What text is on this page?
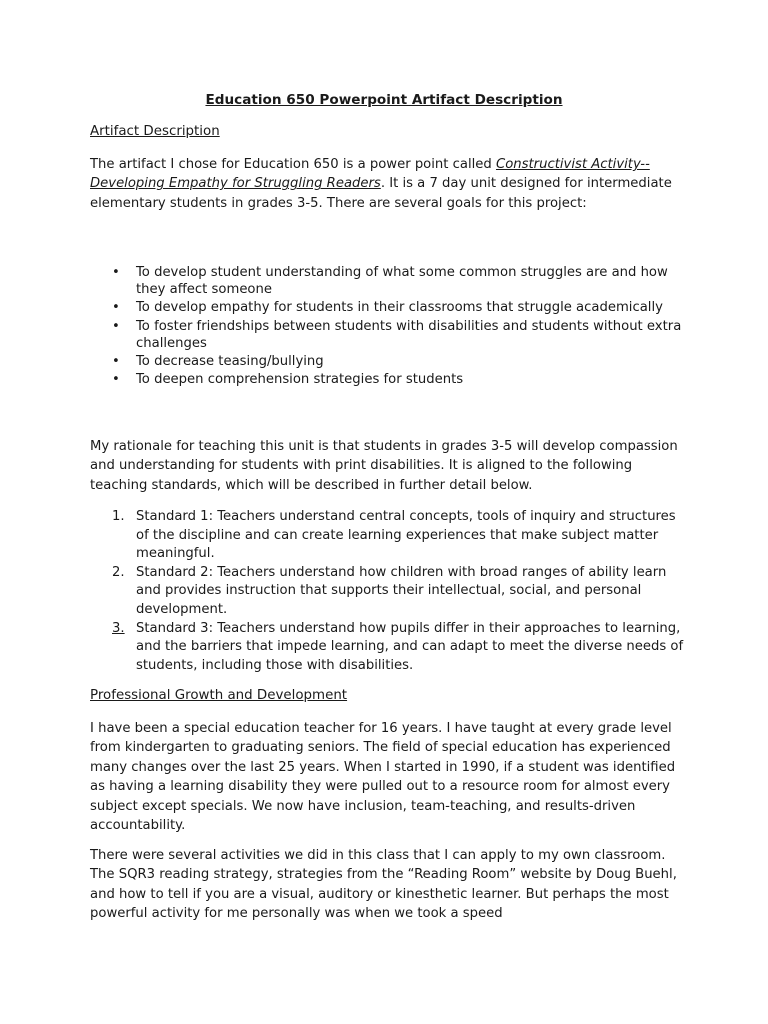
Education 650 Powerpoint Artifact Description
Artifact Description

The artifact I chose for Education 650 is a power point called Constructivist Activity--
Developing Empathy for Struggling Readers. It is a 7 day unit designed for intermediate elementary students in grades 3-5. There are several goals for this project:

• To develop student understanding of what some common struggles are and how they affect someone
• To develop empathy for students in their classrooms that struggle academically
• To foster friendships between students with disabilities and students without extra challenges
• To decrease teasing/bullying
• To deepen comprehension strategies for students

My rationale for teaching this unit is that students in grades 3-5 will develop compassion and understanding for students with print disabilities. It is aligned to the following teaching standards, which will be described in further detail below.

1. Standard 1: Teachers understand central concepts, tools of inquiry and structures of the discipline and can create learning experiences that make subject matter meaningful.
2. Standard 2: Teachers understand how children with broad ranges of ability learn and provides instruction that supports their intellectual, social, and personal development.
3. Standard 3: Teachers understand how pupils differ in their approaches to learning, and the barriers that impede learning, and can adapt to meet the diverse needs of students, including those with disabilities.
Professional Growth and Development

I have been a special education teacher for 16 years. I have taught at every grade level from kindergarten to graduating seniors. The field of special education has experienced many changes over the last 25 years. When I started in 1990, if a student was identified as having a learning disability they were pulled out to a resource room for almost every subject except specials. We now have inclusion, team-teaching, and results-driven accountability.

There were several activities we did in this class that I can apply to my own classroom. The SQR3 reading strategy, strategies from the “Reading Room” website by Doug Buehl, and how to tell if you are a visual, auditory or kinesthetic learner. But perhaps the most powerful activity for me personally was when we took a speed
